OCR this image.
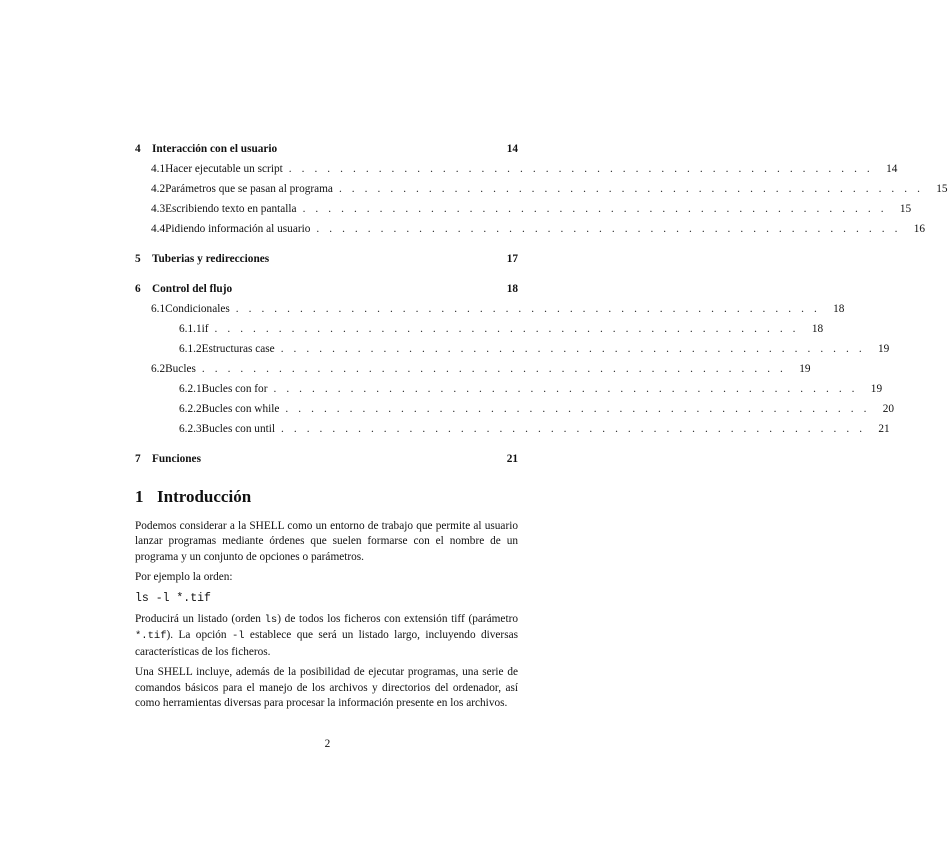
4	Interacción con el usuario	14
4.1 Hacer ejecutable un script . . . . . . . . . . . . . . . . . . . . . . . . . . . . . . . . . . . . . . . . . . . . . .	14
4.2 Parámetros que se pasan al programa . . . . . . . . . . . . . . . . . . . . . . . . . . . . . . . . . . . . . . . . . . . . . .	15
4.3 Escribiendo texto en pantalla . . . . . . . . . . . . . . . . . . . . . . . . . . . . . . . . . . . . . . . . . . . . . .	15
4.4 Pidiendo información al usuario . . . . . . . . . . . . . . . . . . . . . . . . . . . . . . . . . . . . . . . . . . . . . .	16
5	Tuberias y redirecciones	17
6	Control del flujo	18
6.1 Condicionales . . . . . . . . . . . . . . . . . . . . . . . . . . . . . . . . . . . . . . . . . . . . . .	18
6.1.1 if . . . . . . . . . . . . . . . . . . . . . . . . . . . . . . . . . . . . . . . . . . . . . .	18
6.1.2 Estructuras case . . . . . . . . . . . . . . . . . . . . . . . . . . . . . . . . . . . . . . . . . . . . . .	19
6.2 Bucles . . . . . . . . . . . . . . . . . . . . . . . . . . . . . . . . . . . . . . . . . . . . . .	19
6.2.1 Bucles con for . . . . . . . . . . . . . . . . . . . . . . . . . . . . . . . . . . . . . . . . . . . . . .	19
6.2.2 Bucles con while . . . . . . . . . . . . . . . . . . . . . . . . . . . . . . . . . . . . . . . . . . . . . .	20
6.2.3 Bucles con until . . . . . . . . . . . . . . . . . . . . . . . . . . . . . . . . . . . . . . . . . . . . . .	21
7	Funciones	21
1 Introducción

Podemos considerar a la SHELL como un entorno de trabajo que permite al usuario lanzar programas mediante órdenes que suelen formarse con el nombre de un programa y un conjunto de opciones o parámetros.

Por ejemplo la orden:

ls -l *.tif

Producirá un listado (orden ls) de todos los ficheros con extensión tiff (parámetro *.tif). La opción -l establece que será un listado largo, incluyendo diversas características de los ficheros.

Una SHELL incluye, además de la posibilidad de ejecutar programas, una serie de comandos básicos para el manejo de los archivos y directorios del ordenador, así como herramientas diversas para procesar la información presente en los archivos.

2
